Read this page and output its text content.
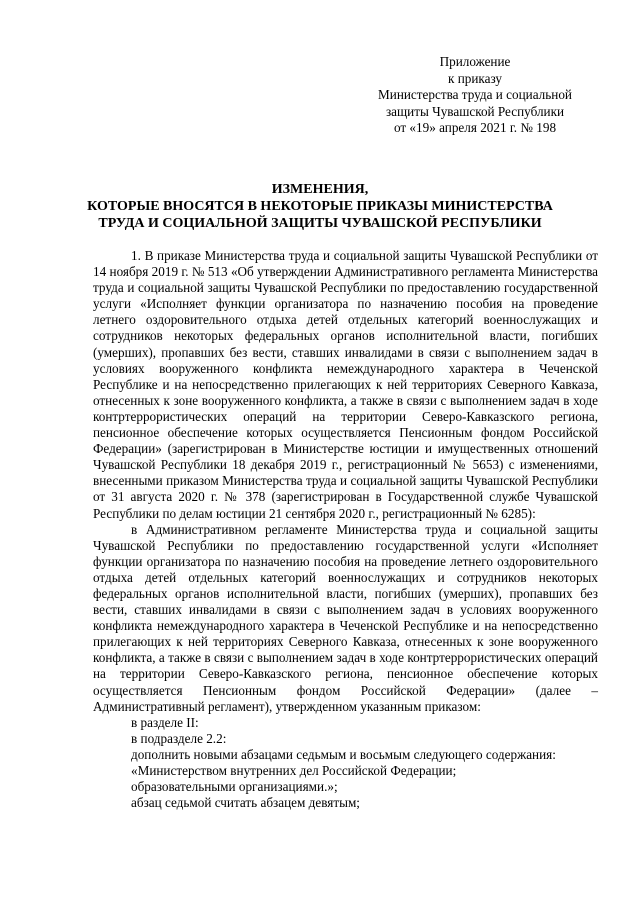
Приложение
к приказу
Министерства труда и социальной
защиты Чувашской Республики
от «19» апреля 2021 г. № 198
ИЗМЕНЕНИЯ,
КОТОРЫЕ ВНОСЯТСЯ В НЕКОТОРЫЕ ПРИКАЗЫ МИНИСТЕРСТВА
ТРУДА И СОЦИАЛЬНОЙ ЗАЩИТЫ ЧУВАШСКОЙ РЕСПУБЛИКИ

1. В приказе Министерства труда и социальной защиты Чувашской Республики от 14 ноября 2019 г. № 513 «Об утверждении Административного регламента Министерства труда и социальной защиты Чувашской Республики по предоставлению государственной услуги «Исполняет функции организатора по назначению пособия на проведение летнего оздоровительного отдыха детей отдельных категорий военнослужащих и сотрудников некоторых федеральных органов исполнительной власти, погибших (умерших), пропавших без вести, ставших инвалидами в связи с выполнением задач в условиях вооруженного конфликта немеждународного характера в Чеченской Республике и на непосредственно прилегающих к ней территориях Северного Кавказа, отнесенных к зоне вооруженного конфликта, а также в связи с выполнением задач в ходе контртеррористических операций на территории Северо-Кавказского региона, пенсионное обеспечение которых осуществляется Пенсионным фондом Российской Федерации» (зарегистрирован в Министерстве юстиции и имущественных отношений Чувашской Республики 18 декабря 2019 г., регистрационный № 5653) с изменениями, внесенными приказом Министерства труда и социальной защиты Чувашской Республики от 31 августа 2020 г. № 378 (зарегистрирован в Государственной службе Чувашской Республики по делам юстиции 21 сентября 2020 г., регистрационный № 6285):

в Административном регламенте Министерства труда и социальной защиты Чувашской Республики по предоставлению государственной услуги «Исполняет функции организатора по назначению пособия на проведение летнего оздоровительного отдыха детей отдельных категорий военнослужащих и сотрудников некоторых федеральных органов исполнительной власти, погибших (умерших), пропавших без вести, ставших инвалидами в связи с выполнением задач в условиях вооруженного конфликта немеждународного характера в Чеченской Республике и на непосредственно прилегающих к ней территориях Северного Кавказа, отнесенных к зоне вооруженного конфликта, а также в связи с выполнением задач в ходе контртеррористических операций на территории Северо-Кавказского региона, пенсионное обеспечение которых осуществляется Пенсионным фондом Российской Федерации» (далее – Административный регламент), утвержденном указанным приказом:

в разделе II:

в подразделе 2.2:

дополнить новыми абзацами седьмым и восьмым следующего содержания:

«Министерством внутренних дел Российской Федерации;

образовательными организациями.»;

абзац седьмой считать абзацем девятым;
